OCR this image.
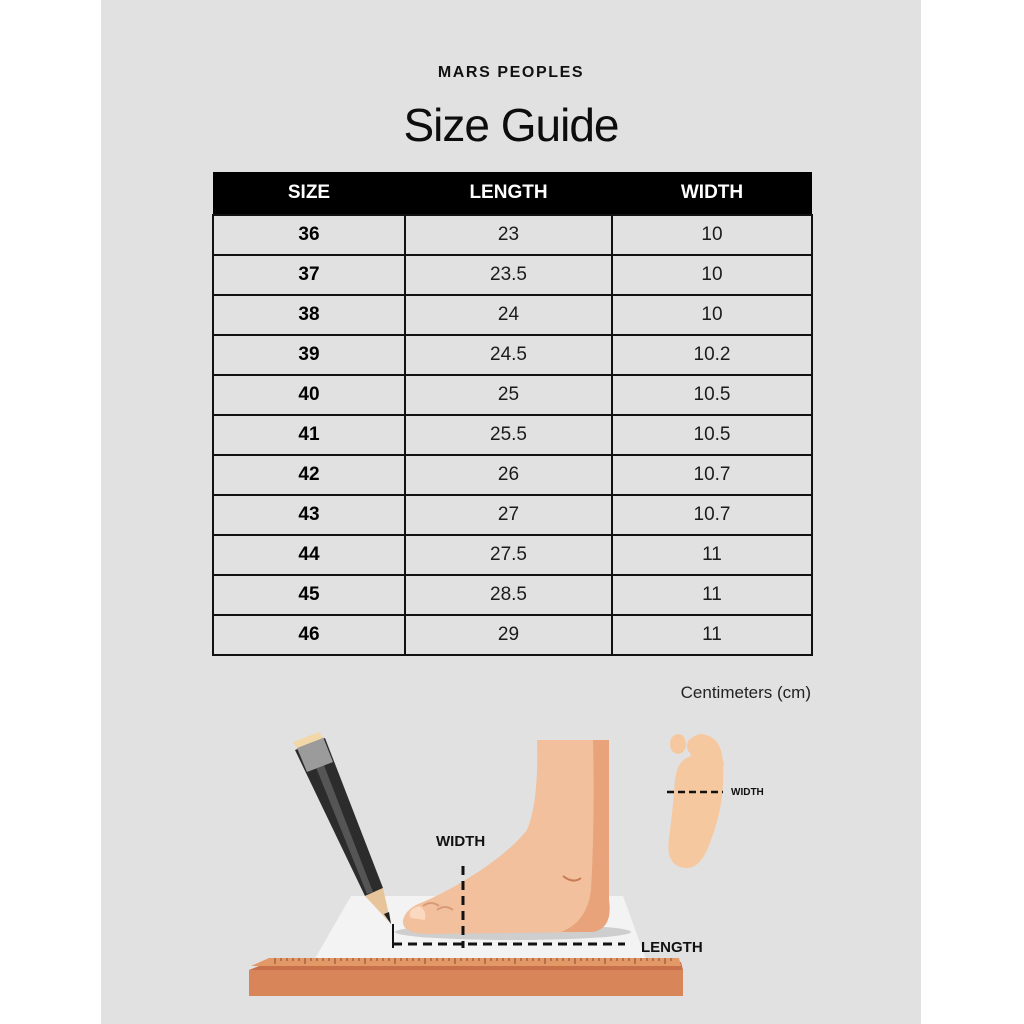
MARS PEOPLES
Size Guide
SIZE	LENGTH	WIDTH
36	23	10
37	23.5	10
38	24	10
39	24.5	10.2
40	25	10.5
41	25.5	10.5
42	26	10.7
43	27	10.7
44	27.5	11
45	28.5	11
46	29	11
Centimeters (cm)
WIDTH
LENGTH
WIDTH
